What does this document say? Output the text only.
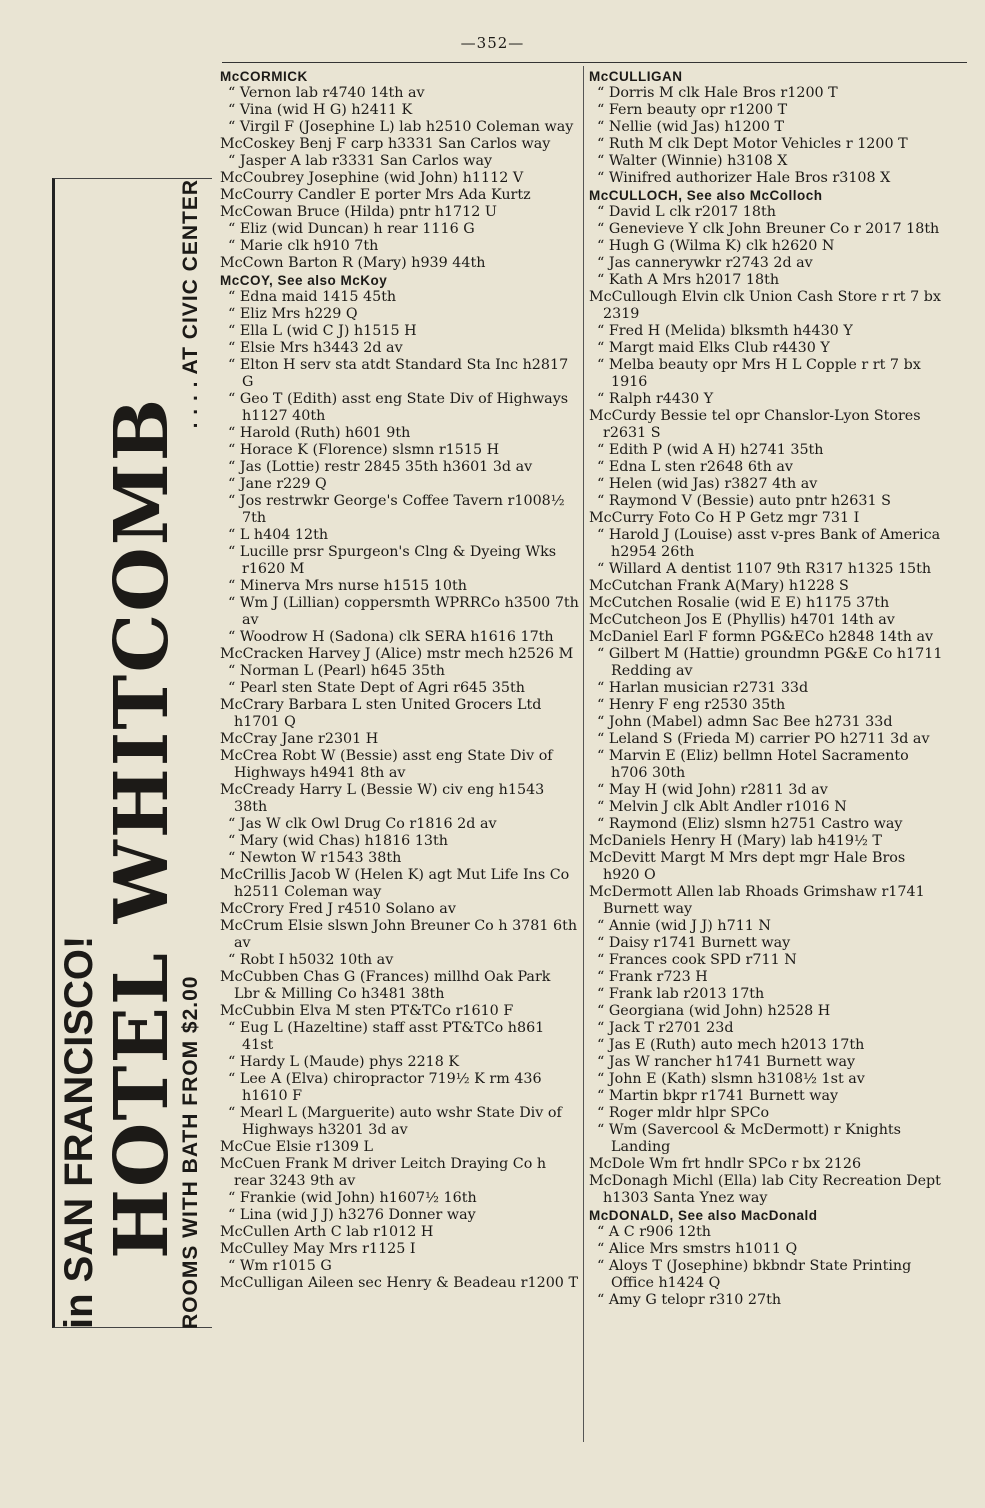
—352—
in SAN FRANCISCO!
HOTEL WHITCOMB
ROOMS WITH BATH FROM $2.00
. . . . AT CIVIC CENTER

McCORMICK

“ Vernon lab r4740 14th av

“ Vina (wid H G) h2411 K

“ Virgil F (Josephine L) lab h2510 Coleman way

McCoskey Benj F carp h3331 San Carlos way

“ Jasper A lab r3331 San Carlos way

McCoubrey Josephine (wid John) h1112 V

McCourry Candler E porter Mrs Ada Kurtz

McCowan Bruce (Hilda) pntr h1712 U

“ Eliz (wid Duncan) h rear 1116 G

“ Marie clk h910 7th

McCown Barton R (Mary) h939 44th

McCOY, See also McKoy

“ Edna maid 1415 45th

“ Eliz Mrs h229 Q

“ Ella L (wid C J) h1515 H

“ Elsie Mrs h3443 2d av

“ Elton H serv sta atdt Standard Sta Inc h2817 G

“ Geo T (Edith) asst eng State Div of Highways h1127 40th

“ Harold (Ruth) h601 9th

“ Horace K (Florence) slsmn r1515 H

“ Jas (Lottie) restr 2845 35th h3601 3d av

“ Jane r229 Q

“ Jos restrwkr George's Coffee Tavern r1008½ 7th

“ L h404 12th

“ Lucille prsr Spurgeon's Clng & Dyeing Wks r1620 M

“ Minerva Mrs nurse h1515 10th

“ Wm J (Lillian) coppersmth WPRRCo h3500 7th av

“ Woodrow H (Sadona) clk SERA h1616 17th

McCracken Harvey J (Alice) mstr mech h2526 M

“ Norman L (Pearl) h645 35th

“ Pearl sten State Dept of Agri r645 35th

McCrary Barbara L sten United Grocers Ltd h1701 Q

McCray Jane r2301 H

McCrea Robt W (Bessie) asst eng State Div of Highways h4941 8th av

McCready Harry L (Bessie W) civ eng h1543 38th

“ Jas W clk Owl Drug Co r1816 2d av

“ Mary (wid Chas) h1816 13th

“ Newton W r1543 38th

McCrillis Jacob W (Helen K) agt Mut Life Ins Co h2511 Coleman way

McCrory Fred J r4510 Solano av

McCrum Elsie slswn John Breuner Co h 3781 6th av

“ Robt I h5032 10th av

McCubben Chas G (Frances) millhd Oak Park Lbr & Milling Co h3481 38th

McCubbin Elva M sten PT&TCo r1610 F

“ Eug L (Hazeltine) staff asst PT&TCo h861 41st

“ Hardy L (Maude) phys 2218 K

“ Lee A (Elva) chiropractor 719½ K rm 436 h1610 F

“ Mearl L (Marguerite) auto wshr State Div of Highways h3201 3d av

McCue Elsie r1309 L

McCuen Frank M driver Leitch Draying Co h rear 3243 9th av

“ Frankie (wid John) h1607½ 16th

“ Lina (wid J J) h3276 Donner way

McCullen Arth C lab r1012 H

McCulley May Mrs r1125 I

“ Wm r1015 G

McCulligan Aileen sec Henry & Beadeau r1200 T

McCULLIGAN

“ Dorris M clk Hale Bros r1200 T

“ Fern beauty opr r1200 T

“ Nellie (wid Jas) h1200 T

“ Ruth M clk Dept Motor Vehicles r 1200 T

“ Walter (Winnie) h3108 X

“ Winifred authorizer Hale Bros r3108 X

McCULLOCH, See also McColloch

“ David L clk r2017 18th

“ Genevieve Y clk John Breuner Co r 2017 18th

“ Hugh G (Wilma K) clk h2620 N

“ Jas cannerywkr r2743 2d av

“ Kath A Mrs h2017 18th

McCullough Elvin clk Union Cash Store r rt 7 bx 2319

“ Fred H (Melida) blksmth h4430 Y

“ Margt maid Elks Club r4430 Y

“ Melba beauty opr Mrs H L Copple r rt 7 bx 1916

“ Ralph r4430 Y

McCurdy Bessie tel opr Chanslor-Lyon Stores r2631 S

“ Edith P (wid A H) h2741 35th

“ Edna L sten r2648 6th av

“ Helen (wid Jas) r3827 4th av

“ Raymond V (Bessie) auto pntr h2631 S

McCurry Foto Co H P Getz mgr 731 I

“ Harold J (Louise) asst v-pres Bank of America h2954 26th

“ Willard A dentist 1107 9th R317 h1325 15th

McCutchan Frank A(Mary) h1228 S

McCutchen Rosalie (wid E E) h1175 37th

McCutcheon Jos E (Phyllis) h4701 14th av

McDaniel Earl F formn PG&ECo h2848 14th av

“ Gilbert M (Hattie) groundmn PG&E Co h1711 Redding av

“ Harlan musician r2731 33d

“ Henry F eng r2530 35th

“ John (Mabel) admn Sac Bee h2731 33d

“ Leland S (Frieda M) carrier PO h2711 3d av

“ Marvin E (Eliz) bellmn Hotel Sacramento h706 30th

“ May H (wid John) r2811 3d av

“ Melvin J clk Ablt Andler r1016 N

“ Raymond (Eliz) slsmn h2751 Castro way

McDaniels Henry H (Mary) lab h419½ T

McDevitt Margt M Mrs dept mgr Hale Bros h920 O

McDermott Allen lab Rhoads Grimshaw r1741 Burnett way

“ Annie (wid J J) h711 N

“ Daisy r1741 Burnett way

“ Frances cook SPD r711 N

“ Frank r723 H

“ Frank lab r2013 17th

“ Georgiana (wid John) h2528 H

“ Jack T r2701 23d

“ Jas E (Ruth) auto mech h2013 17th

“ Jas W rancher h1741 Burnett way

“ John E (Kath) slsmn h3108½ 1st av

“ Martin bkpr r1741 Burnett way

“ Roger mldr hlpr SPCo

“ Wm (Savercool & McDermott) r Knights Landing

McDole Wm frt hndlr SPCo r bx 2126

McDonagh Michl (Ella) lab City Recreation Dept h1303 Santa Ynez way

McDONALD, See also MacDonald

“ A C r906 12th

“ Alice Mrs smstrs h1011 Q

“ Aloys T (Josephine) bkbndr State Printing Office h1424 Q

“ Amy G telopr r310 27th
